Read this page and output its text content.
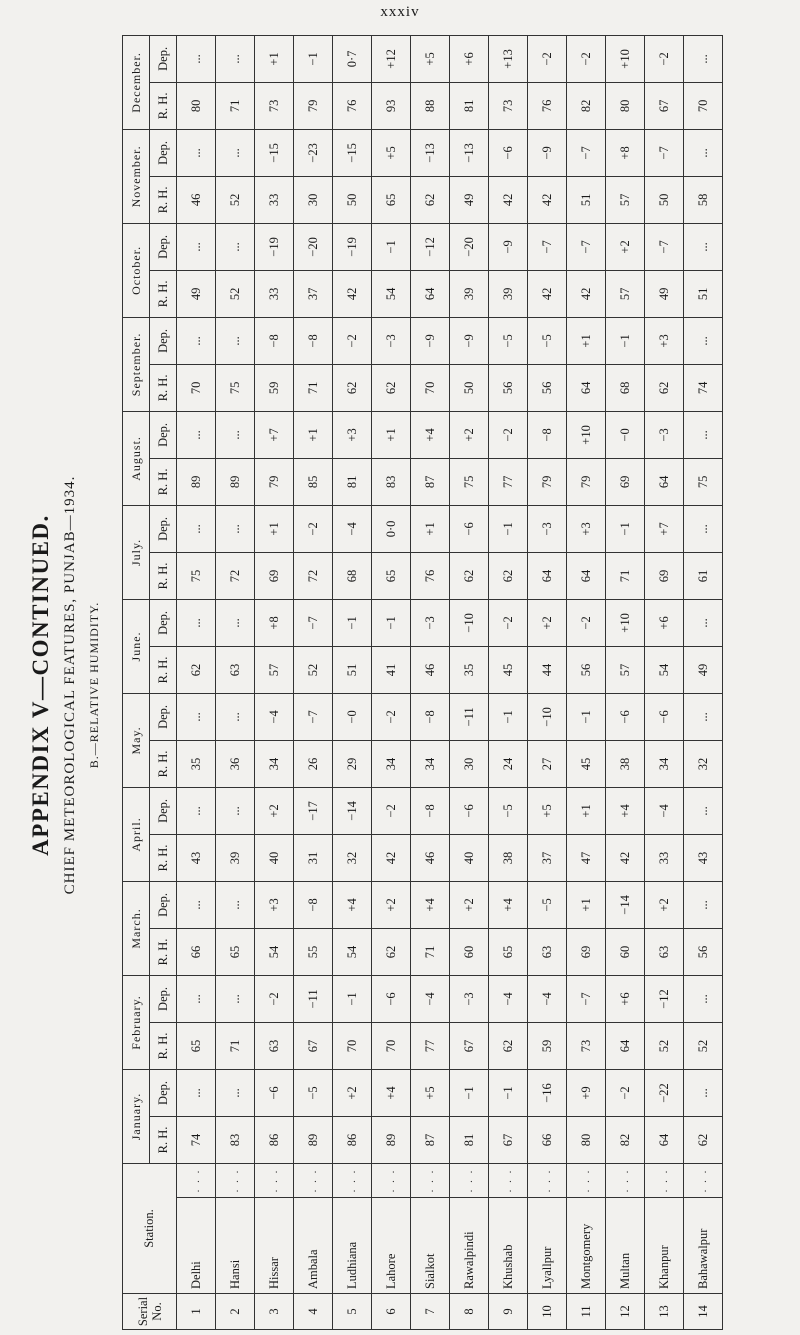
xxxiv
APPENDIX V—CONTINUED. CHIEF METEOROLOGICAL FEATURES, PUNJAB—1934. B.—RELATIVE HUMIDITY.
Serial No.	Station.		January.		February.		March.		April.		May.		June.		July.		August.		September.		October.		November.		December.	
			R. H.	Dep.	R. H.	Dep.	R. H.	Dep.	R. H.	Dep.	R. H.	Dep.	R. H.	Dep.	R. H.	Dep.	R. H.	Dep.	R. H.	Dep.	R. H.	Dep.	R. H.	Dep.	R. H.	Dep.
1	Delhi	. . .	74	...	65	...	66	...	43	...	35	...	62	...	75	...	89	...	70	...	49	...	46	...	80	...
2	Hansi	. . .	83	...	71	...	65	...	39	...	36	...	63	...	72	...	89	...	75	...	52	...	52	...	71	...
3	Hissar	. . .	86	−6	63	−2	54	+3	40	+2	34	−4	57	+8	69	+1	79	+7	59	−8	33	−19	33	−15	73	+1
4	Ambala	. . .	89	−5	67	−11	55	−8	31	−17	26	−7	52	−7	72	−2	85	+1	71	−8	37	−20	30	−23	79	−1
5	Ludhiana	. . .	86	+2	70	−1	54	+4	32	−14	29	−0	51	−1	68	−4	81	+3	62	−2	42	−19	50	−15	76	0·7
6	Lahore	. . .	89	+4	70	−6	62	+2	42	−2	34	−2	41	−1	65	0·0	83	+1	62	−3	54	−1	65	+5	93	+12
7	Sialkot	. . .	87	+5	77	−4	71	+4	46	−8	34	−8	46	−3	76	+1	87	+4	70	−9	64	−12	62	−13	88	+5
8	Rawalpindi	. . .	81	−1	67	−3	60	+2	40	−6	30	−11	35	−10	62	−6	75	+2	50	−9	39	−20	49	−13	81	+6
9	Khushab	. . .	67	−1	62	−4	65	+4	38	−5	24	−1	45	−2	62	−1	77	−2	56	−5	39	−9	42	−6	73	+13
10	Lyallpur	. . .	66	−16	59	−4	63	−5	37	+5	27	−10	44	+2	64	−3	79	−8	56	−5	42	−7	42	−9	76	−2
11	Montgomery	. . .	80	+9	73	−7	69	+1	47	+1	45	−1	56	−2	64	+3	79	+10	64	+1	42	−7	51	−7	82	−2
12	Multan	. . .	82	−2	64	+6	60	−14	42	+4	38	−6	57	+10	71	−1	69	−0	68	−1	57	+2	57	+8	80	+10
13	Khanpur	. . .	64	−22	52	−12	63	+2	33	−4	34	−6	54	+6	69	+7	64	−3	62	+3	49	−7	50	−7	67	−2
14	Bahawalpur	. . .	62	...	52	...	56	...	43	...	32	...	49	...	61	...	75	...	74	...	51	...	58	...	70	...
